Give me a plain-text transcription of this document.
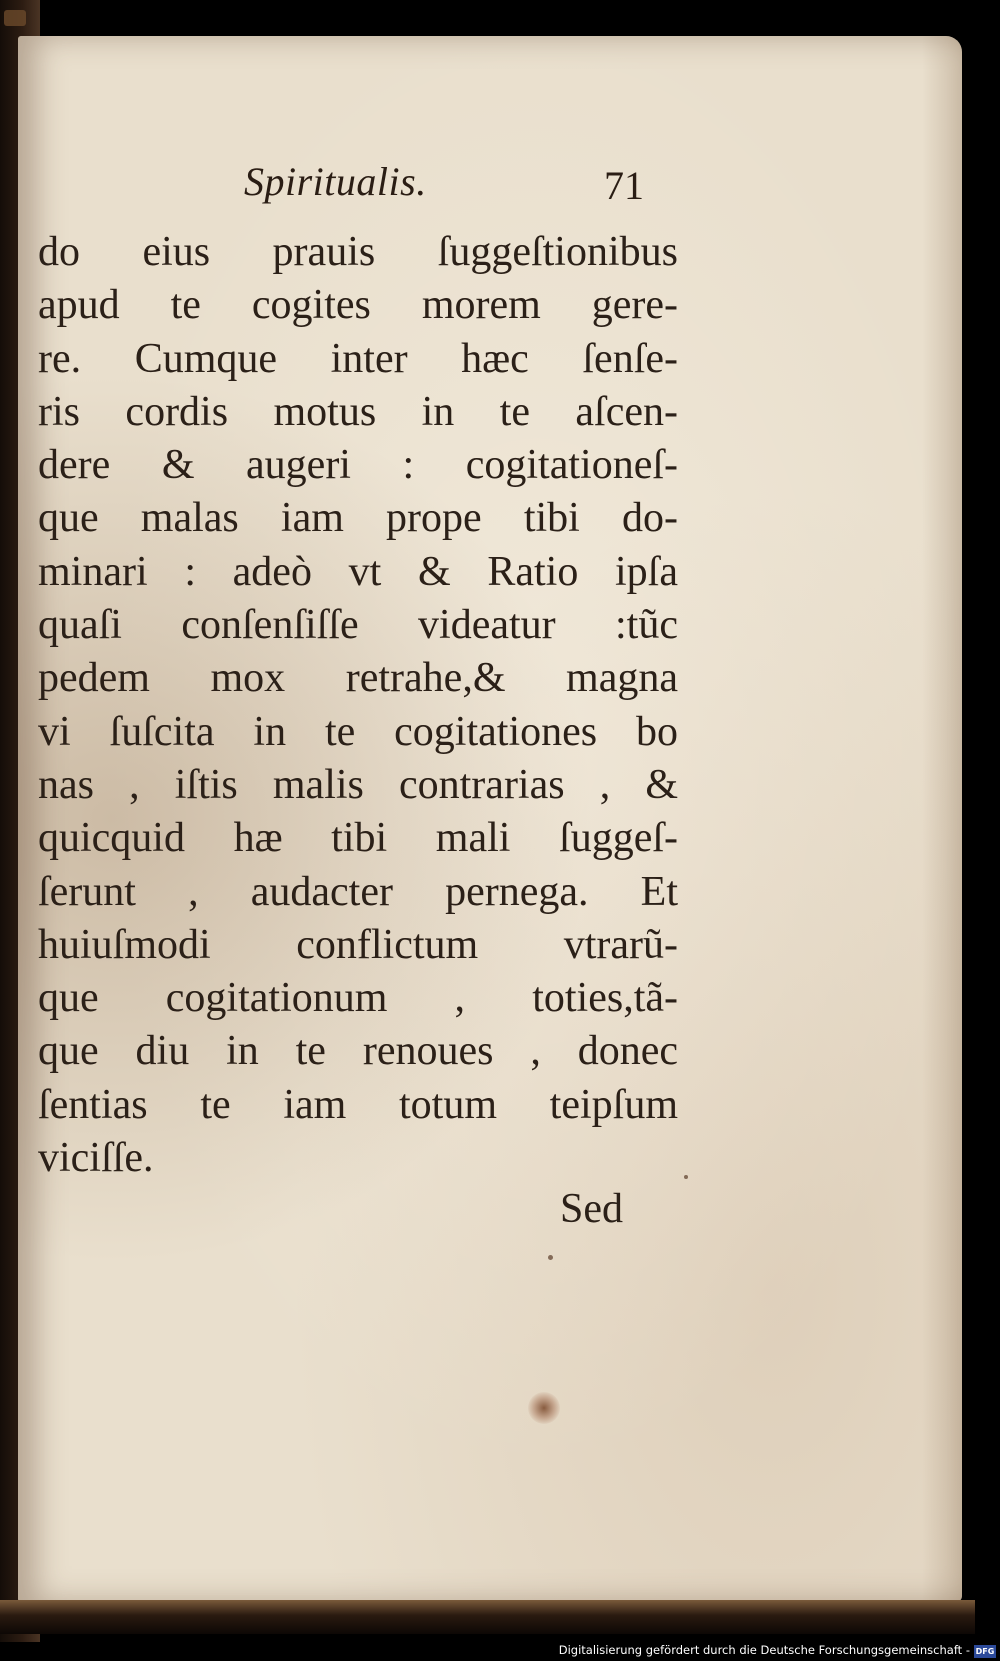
Spiritualis.	71
do eius prauis ſuggeſtionibus
apud te cogites morem gere-
re. Cumque inter hæc ſenſe-
ris cordis motus in te aſcen-
dere & augeri : cogitationeſ-
que malas iam prope tibi do-
minari : adeò vt & Ratio ipſa
quaſi conſenſiſſe videatur :tũc
pedem mox retrahe,& magna
vi ſuſcita in te cogitationes bo
nas , iſtis malis contrarias , &
quicquid hæ tibi mali ſuggeſ-
ſerunt , audacter pernega. Et
huiuſmodi conflictum vtrarũ-
que cogitationum , toties,tã-
que diu in te renoues , donec
ſentias te iam totum teipſum
viciſſe.
Sed
Digitalisierung gefördert durch die Deutsche Forschungsgemeinschaft - DFG
